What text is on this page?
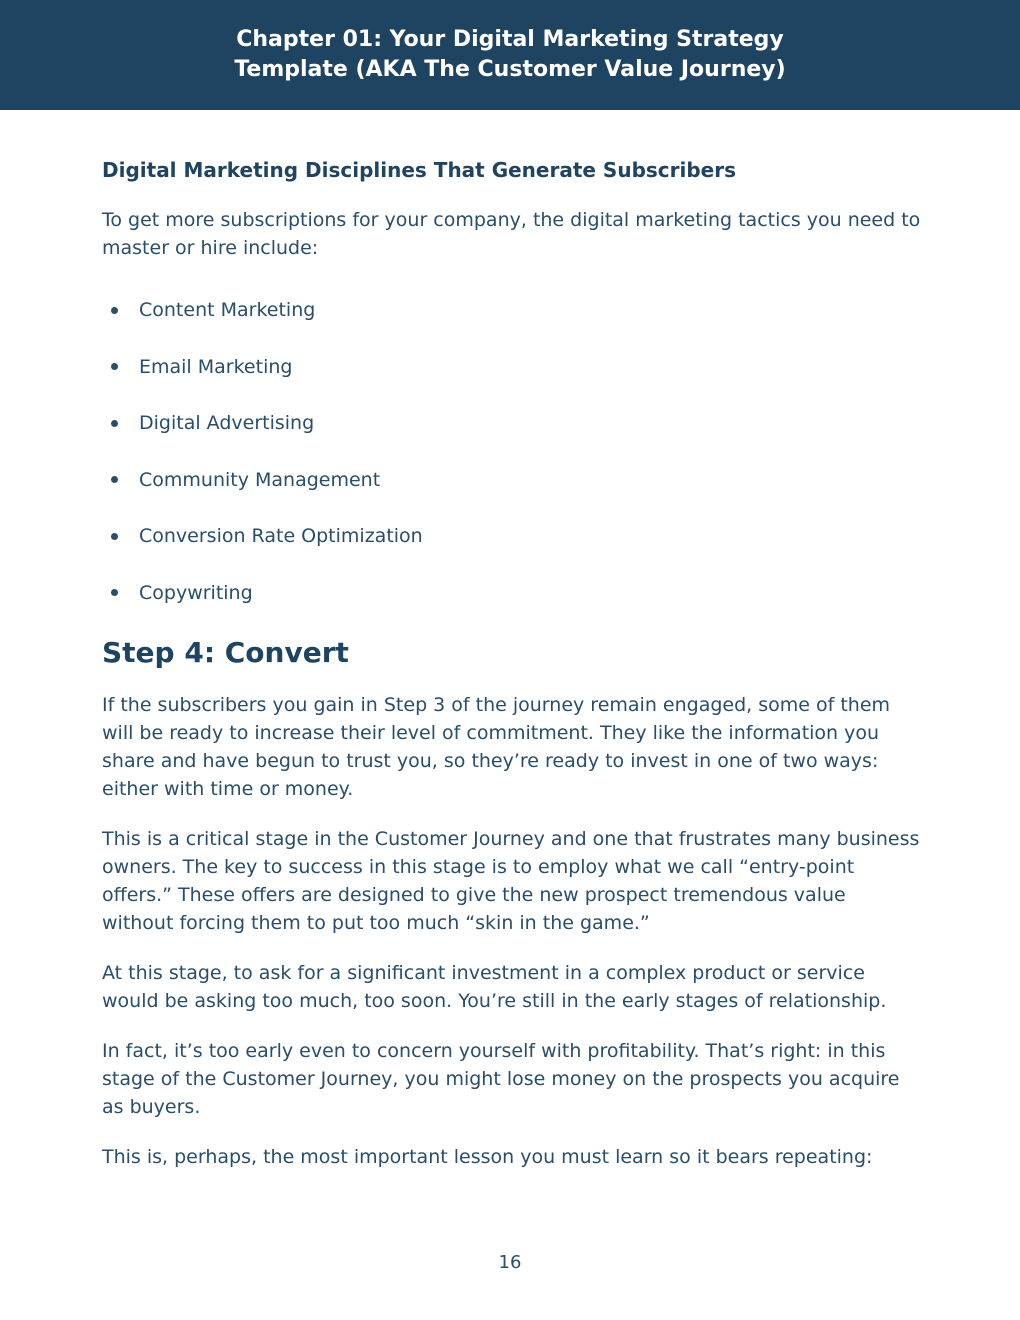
Chapter 01: Your Digital Marketing Strategy
Template (AKA The Customer Value Journey)
Digital Marketing Disciplines That Generate Subscribers

To get more subscriptions for your company, the digital marketing tactics you need to master or hire include:

Content Marketing
Email Marketing
Digital Advertising
Community Management
Conversion Rate Optimization
Copywriting
Step 4: Convert

If the subscribers you gain in Step 3 of the journey remain engaged, some of them will be ready to increase their level of commitment. They like the information you share and have begun to trust you, so they’re ready to invest in one of two ways: either with time or money.

This is a critical stage in the Customer Journey and one that frustrates many business owners. The key to success in this stage is to employ what we call “entry-point offers.” These offers are designed to give the new prospect tremendous value without forcing them to put too much “skin in the game.”

At this stage, to ask for a significant investment in a complex product or service would be asking too much, too soon. You’re still in the early stages of relationship.

In fact, it’s too early even to concern yourself with profitability. That’s right: in this stage of the Customer Journey, you might lose money on the prospects you acquire as buyers.

This is, perhaps, the most important lesson you must learn so it bears repeating:

16
